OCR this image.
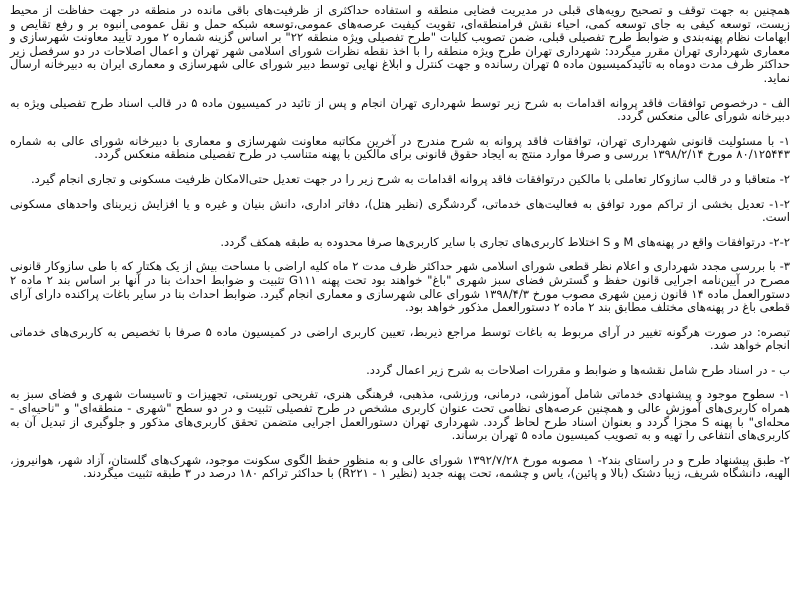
همچنین به جهت توقف و تصحیح رویه‌های قبلی در مدیریت فضایی منطقه و استفاده حداکثری از ظرفیت‌های باقی مانده در منطقه در جهت حفاظت از محیط زیست، توسعه کیفی به جای توسعه کمی، احیاء نقش فرامنطقه‌ای، تقویت کیفیت عرصه‌های عمومی،توسعه شبکه حمل و نقل عمومی انبوه بر و رفع تقایص و ابهامات نظام پهنه‌بندی و ضوابط طرح تفصیلی قبلی، ضمن تصویب کلیات "طرح تفصیلی ویژه منطقه ۲۲" بر اساس گزینه شماره ۲ مورد تأیید معاونت شهرسازی و معماری شهرداری تهران مقرر میگردد: شهرداری تهران طرح ویژه منطقه را با اخذ نقطه نظرات شورای اسلامی شهر تهران و اعمال اصلاحات در دو سرفصل زیر حداکثر ظرف مدت دوماه به تائیدکمیسیون ماده ۵ تهران رسانده و جهت کنترل و ابلاغ نهایی توسط دبیر شورای عالی شهرسازی و معماری ایران به دبیرخانه ارسال نماید.

الف - درخصوص توافقات فاقد پروانه اقدامات به شرح زیر توسط شهرداری تهران انجام و پس از تائید در کمیسیون ماده ۵ در قالب اسناد طرح تفصیلی ویژه به دبیرخانه شورای عالی منعکس گردد.

۱- با مسئولیت قانونی شهرداری تهران، توافقات فاقد پروانه به شرح مندرج در آخرین مکاتبه معاونت شهرسازی و معماری با دبیرخانه شورای عالی به شماره ۸۰/۱۲۵۴۴۳ مورخ ۱۳۹۸/۲/۱۴ بررسی و صرفا موارد منتج به ایجاد حقوق قانونی برای مالکین با پهنه متناسب در طرح تفصیلی منطقه منعکس گردد.

۲- متعاقبا و در قالب سازوکار تعاملی با مالکین درتوافقات فاقد پروانه اقدامات به شرح زیر را در جهت تعدیل حتی‌الامکان ظرفیت مسکونی و تجاری انجام گیرد.

۱-۲- تعدیل بخشی از تراکم مورد توافق به فعالیت‌های خدماتی، گردشگری (نظیر هتل)، دفاتر اداری، دانش بنیان و غیره و یا افزایش زیربنای واحدهای مسکونی است.

۲-۲- درتوافقات واقع در پهنه‌های M و S اختلاط کاربری‌های تجاری با سایر کاربری‌ها صرفا محدوده به طبقه همکف گردد.

۳- با بررسی مجدد شهرداری و اعلام نظر قطعی شورای اسلامی شهر حداکثر ظرف مدت ۲ ماه کلیه اراضی با مساحت بیش از یک هکتار که با طی سازوکار قانونی مصرح در آیین‌نامه اجرایی قانون حفظ و گسترش فضای سبز شهری "باغ" خواهند بود تحت پهنه G۱۱۱ تثبیت و ضوابط احداث بنا در آنها بر اساس بند ۲ ماده ۲ دستورالعمل ماده ۱۴ قانون زمین شهری مصوب مورخ ۱۳۹۸/۴/۳ شورای عالی شهرسازی و معماری انجام گیرد. ضوابط احداث بنا در سایر باغات پراکنده دارای آرای قطعی باغ در پهنه‌های مختلف مطابق بند ۲ ماده ۲ دستورالعمل مذکور خواهد بود.

تبصره: در صورت هرگونه تغییر در آرای مربوط به باغات توسط مراجع ذیربط، تعیین کاربری اراضی در کمیسیون ماده ۵ صرفا با تخصیص به کاربری‌های خدماتی انجام خواهد شد.

ب - در اسناد طرح شامل نقشه‌ها و ضوابط و مقررات اصلاحات به شرح زیر اعمال گردد.

۱- سطوح موجود و پیشنهادی خدماتی شامل آموزشی، درمانی، ورزشی، مذهبی، فرهنگی هنری، تفریحی توریستی، تجهیزات و تاسیسات شهری و فضای سبز به همراه کاربری‌های آموزش عالی و همچنین عرصه‌های نظامی تحت عنوان کاربری مشخص در طرح تفصیلی تثبیت و در دو سطح "شهری - منطقه‌ای" و "ناحیه‌ای - محله‌ای" با پهنه S مجزا گردد و بعنوان اسناد طرح لحاظ گردد. شهرداری تهران دستورالعمل اجرایی متضمن تحقق کاربری‌های مذکور و جلوگیری از تبدیل آن به کاربری‌های انتفاعی را تهیه و به تصویب کمیسیون ماده ۵ تهران برساند.

۲- طبق پیشنهاد طرح و در راستای بند۲- ۱ مصوبه مورخ ۱۳۹۲/۷/۲۸ شورای عالی و به منظور حفظ الگوی سکونت موجود، شهرک‌های گلستان، آزاد شهر، هوانیروز، الهیه، دانشگاه شریف، زیبا دشتک (بالا و پائین)، یاس و چشمه، تحت پهنه جدید (نظیر R۲۲۱ - ۱) با حداکثر تراکم ۱۸۰ درصد در ۳ طبقه تثبیت میگردند.
